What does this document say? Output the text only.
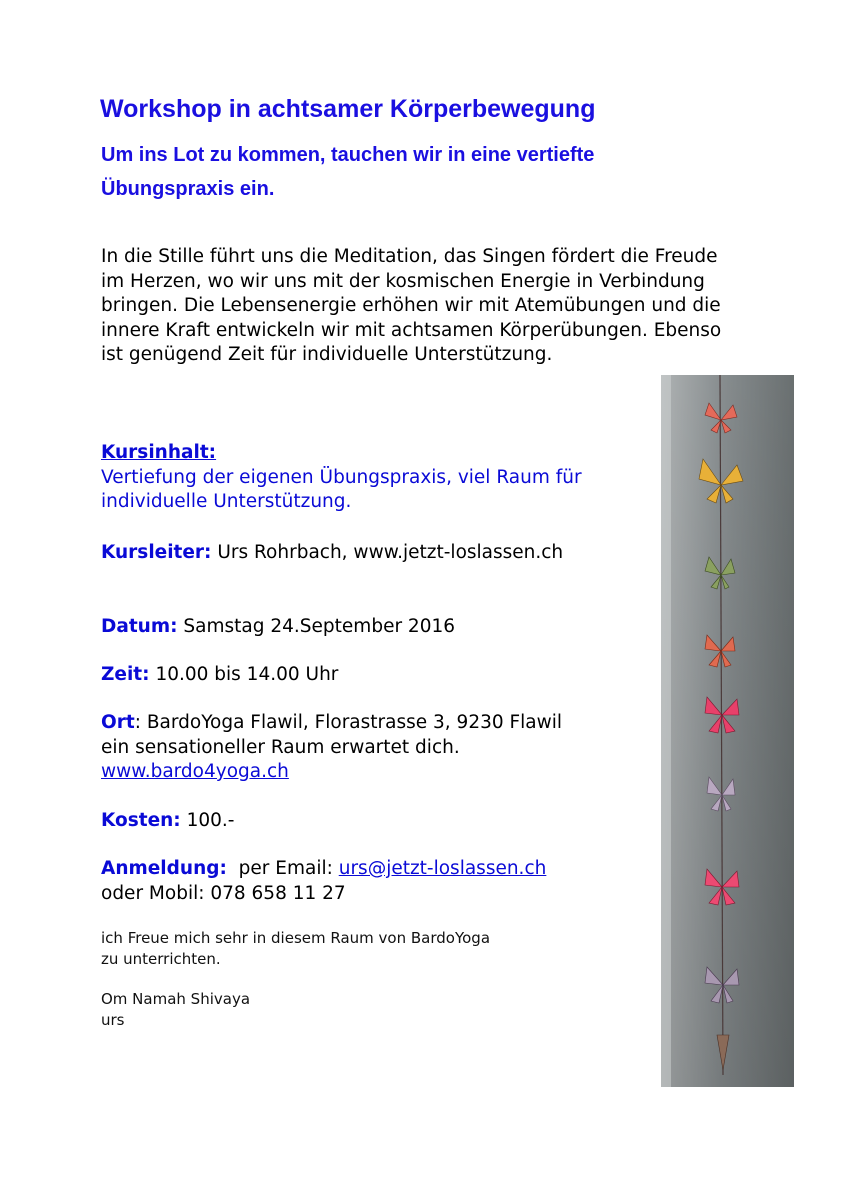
Workshop in achtsamer Körperbewegung

Um ins Lot zu kommen, tauchen wir in eine vertiefte Übungspraxis ein.

In die Stille führt uns die Meditation, das Singen fördert die Freude im Herzen, wo wir uns mit der kosmischen Energie in Verbindung bringen. Die Lebensenergie erhöhen wir mit Atemübungen und die innere Kraft entwickeln wir mit achtsamen Körperübungen. Ebenso ist genügend Zeit für individuelle Unterstützung.

Kursinhalt:
Vertiefung der eigenen Übungspraxis, viel Raum für individuelle Unterstützung.

Kursleiter: Urs Rohrbach, www.jetzt-loslassen.ch

Datum: Samstag 24.September 2016

Zeit: 10.00 bis 14.00 Uhr

Ort: BardoYoga Flawil, Florastrasse 3, 9230 Flawil
ein sensationeller Raum erwartet dich.
www.bardo4yoga.ch

Kosten: 100.-

Anmeldung: per Email: urs@jetzt-loslassen.ch
oder Mobil: 078 658 11 27

ich Freue mich sehr in diesem Raum von BardoYoga
zu unterrichten.

Om Namah Shivaya
urs
